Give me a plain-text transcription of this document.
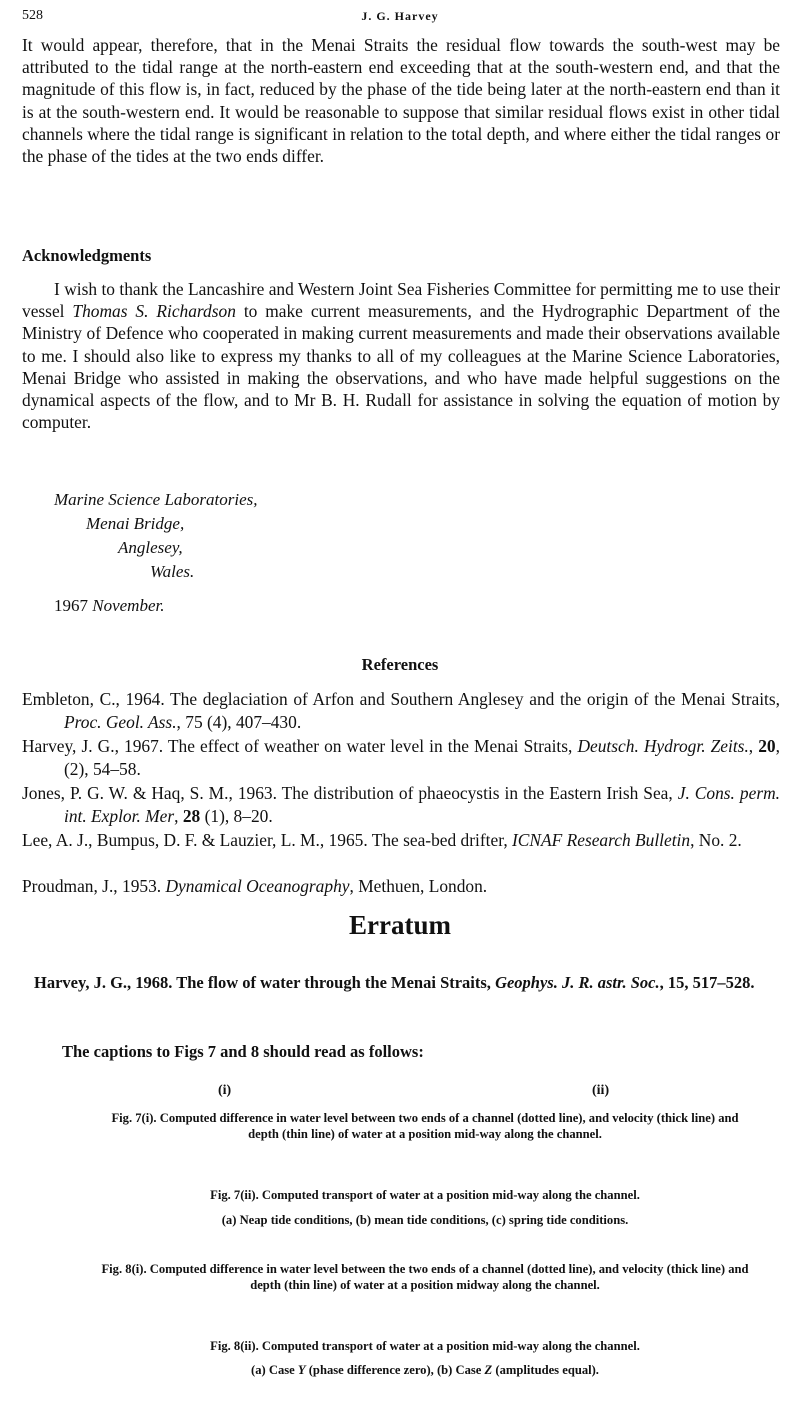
528	J. G. Harvey

It would appear, therefore, that in the Menai Straits the residual flow towards the south-west may be attributed to the tidal range at the north-eastern end exceeding that at the south-western end, and that the magnitude of this flow is, in fact, reduced by the phase of the tide being later at the north-eastern end than it is at the south-western end. It would be reasonable to suppose that similar residual flows exist in other tidal channels where the tidal range is significant in relation to the total depth, and where either the tidal ranges or the phase of the tides at the two ends differ.

Acknowledgments

I wish to thank the Lancashire and Western Joint Sea Fisheries Committee for permitting me to use their vessel Thomas S. Richardson to make current measurements, and the Hydrographic Department of the Ministry of Defence who cooperated in making current measurements and made their observations available to me. I should also like to express my thanks to all of my colleagues at the Marine Science Laboratories, Menai Bridge who assisted in making the observations, and who have made helpful suggestions on the dynamical aspects of the flow, and to Mr B. H. Rudall for assistance in solving the equation of motion by computer.

Marine Science Laboratories,
Menai Bridge,
Anglesey,
Wales.
1967 November.
References
Embleton, C., 1964. The deglaciation of Arfon and Southern Anglesey and the origin of the Menai Straits, Proc. Geol. Ass., 75 (4), 407–430.
Harvey, J. G., 1967. The effect of weather on water level in the Menai Straits, Deutsch. Hydrogr. Zeits., 20, (2), 54–58.
Jones, P. G. W. & Haq, S. M., 1963. The distribution of phaeocystis in the Eastern Irish Sea, J. Cons. perm. int. Explor. Mer, 28 (1), 8–20.
Lee, A. J., Bumpus, D. F. & Lauzier, L. M., 1965. The sea-bed drifter, ICNAF Research Bulletin, No. 2.
Proudman, J., 1953. Dynamical Oceanography, Methuen, London.
Erratum
Harvey, J. G., 1968. The flow of water through the Menai Straits, Geophys. J. R. astr. Soc., 15, 517–528.
The captions to Figs 7 and 8 should read as follows:
(i)	(ii)
Fig. 7(i). Computed difference in water level between two ends of a channel (dotted line), and velocity (thick line) and depth (thin line) of water at a position mid-way along the channel.
Fig. 7(ii). Computed transport of water at a position mid-way along the channel.
(a) Neap tide conditions, (b) mean tide conditions, (c) spring tide conditions.
Fig. 8(i). Computed difference in water level between the two ends of a channel (dotted line), and velocity (thick line) and depth (thin line) of water at a position midway along the channel.
Fig. 8(ii). Computed transport of water at a position mid-way along the channel.
(a) Case Y (phase difference zero), (b) Case Z (amplitudes equal).
